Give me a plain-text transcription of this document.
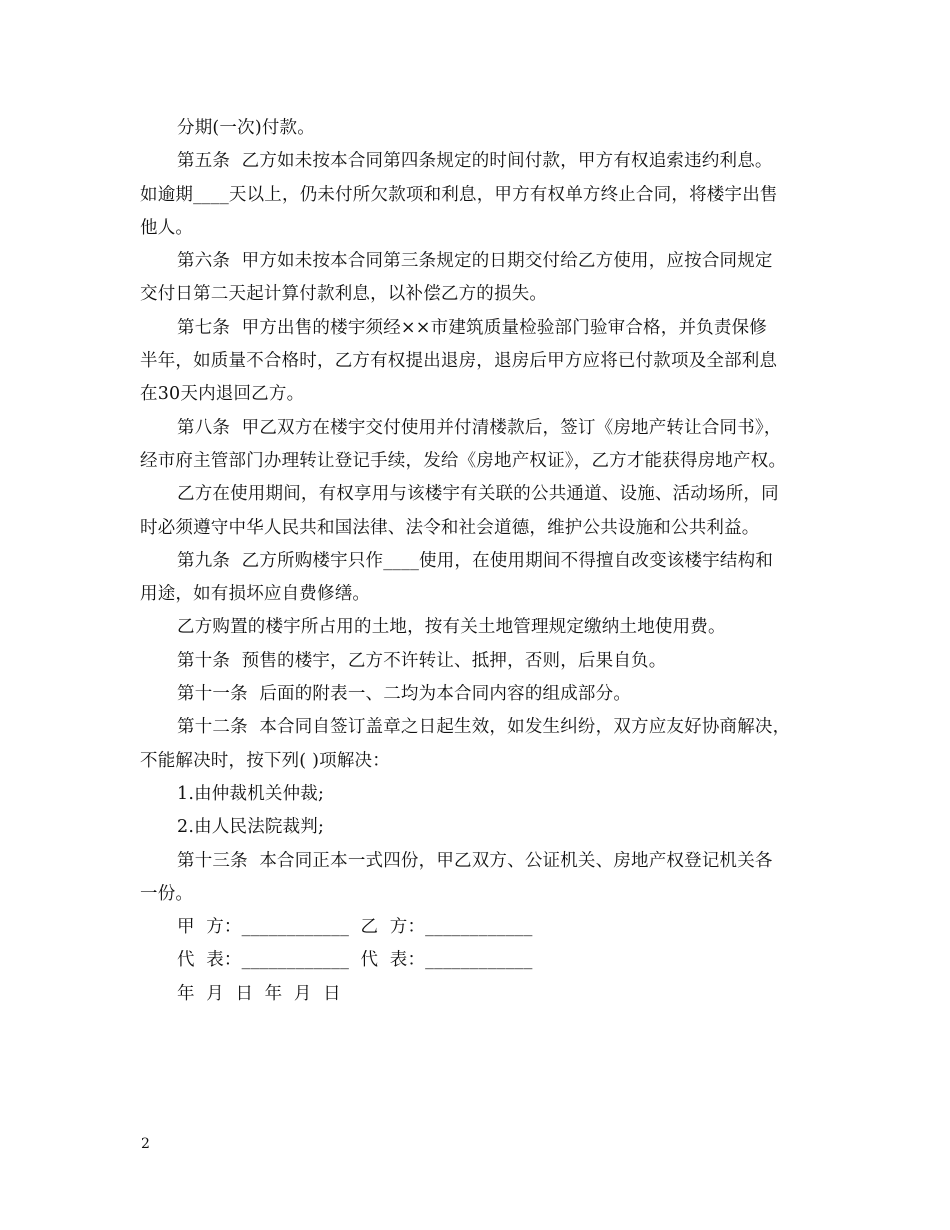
分期(一次)付款。
第五条  乙方如未按本合同第四条规定的时间付款，甲方有权追索违约利息。
如逾期____天以上，仍未付所欠款项和利息，甲方有权单方终止合同，将楼宇出售
他人。
第六条  甲方如未按本合同第三条规定的日期交付给乙方使用，应按合同规定
交付日第二天起计算付款利息，以补偿乙方的损失。
第七条  甲方出售的楼宇须经××市建筑质量检验部门验审合格，并负责保修
半年，如质量不合格时，乙方有权提出退房，退房后甲方应将已付款项及全部利息
在30天内退回乙方。
第八条  甲乙双方在楼宇交付使用并付清楼款后，签订《房地产转让合同书》，
经市府主管部门办理转让登记手续，发给《房地产权证》，乙方才能获得房地产权。
乙方在使用期间，有权享用与该楼宇有关联的公共通道、设施、活动场所，同
时必须遵守中华人民共和国法律、法令和社会道德，维护公共设施和公共利益。
第九条  乙方所购楼宇只作____使用，在使用期间不得擅自改变该楼宇结构和
用途，如有损坏应自费修缮。
乙方购置的楼宇所占用的土地，按有关土地管理规定缴纳土地使用费。
第十条  预售的楼宇，乙方不许转让、抵押，否则，后果自负。
第十一条  后面的附表一、二均为本合同内容的组成部分。
第十二条  本合同自签订盖章之日起生效，如发生纠纷，双方应友好协商解决，
不能解决时，按下列( )项解决：
1.由仲裁机关仲裁;
2.由人民法院裁判;
第十三条  本合同正本一式四份，甲乙双方、公证机关、房地产权登记机关各
一份。
甲  方：____________  乙  方：____________
代  表：____________  代  表：____________
年  月  日  年  月  日
2
